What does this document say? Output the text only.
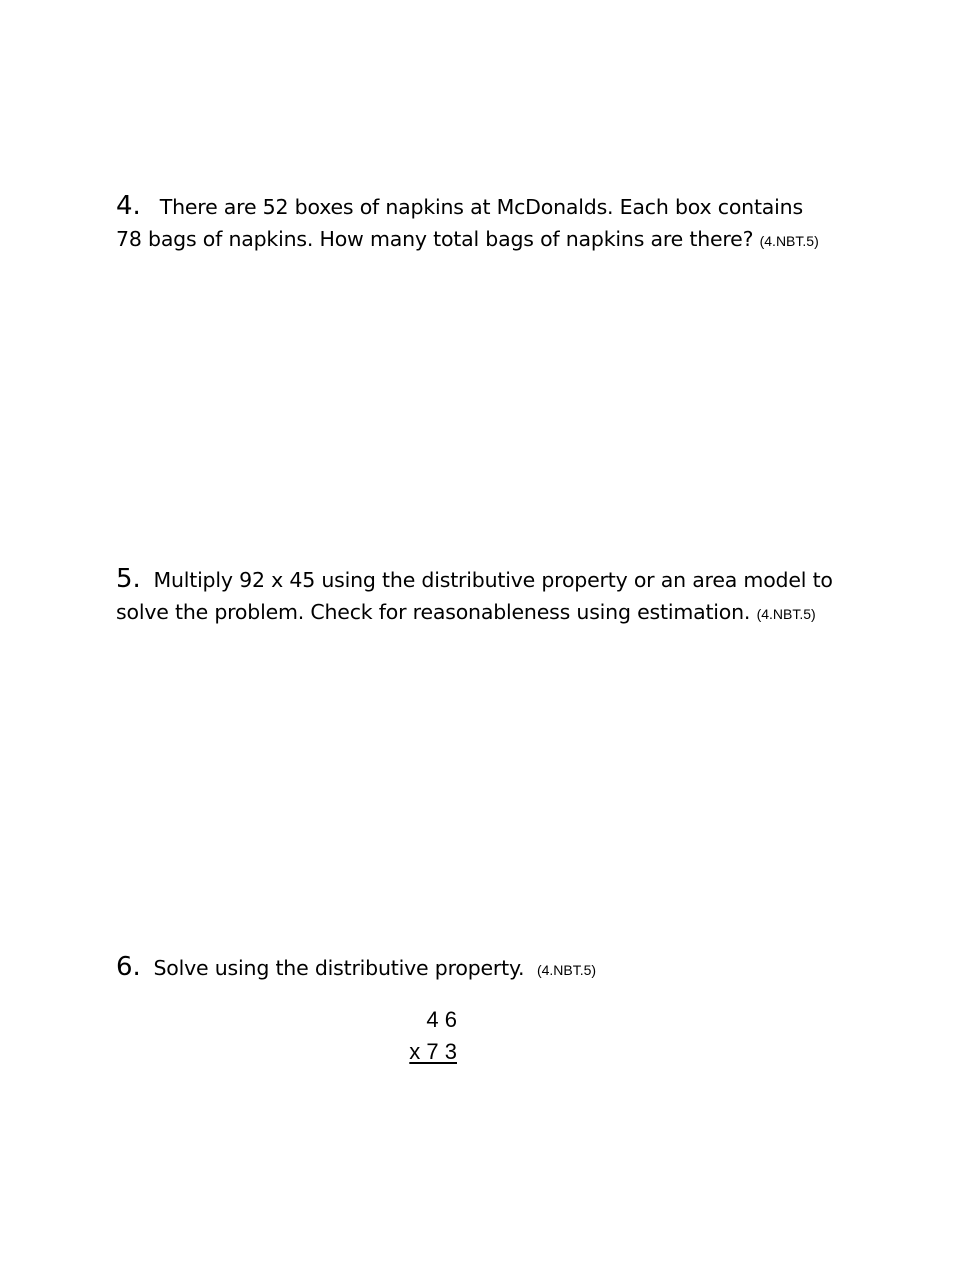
4. There are 52 boxes of napkins at McDonalds. Each box contains
78 bags of napkins. How many total bags of napkins are there? (4.NBT.5)
5. Multiply 92 x 45 using the distributive property or an area model to
solve the problem. Check for reasonableness using estimation. (4.NBT.5)
6. Solve using the distributive property. (4.NBT.5)
4 6
x 7 3
